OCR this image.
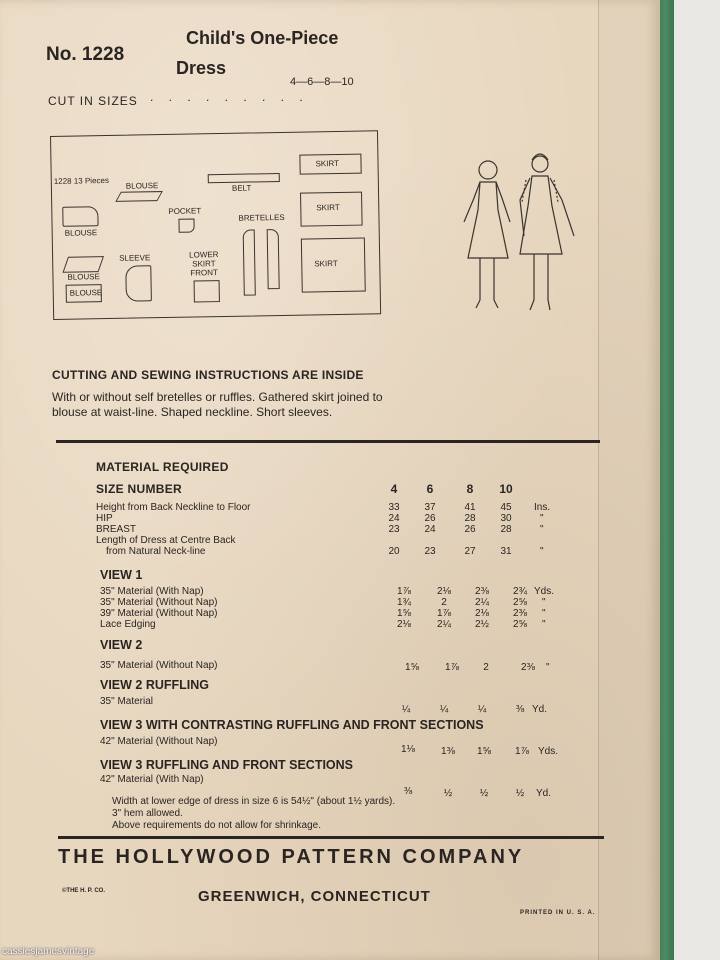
No. 1228
Child's One-Piece
Dress
CUT IN SIZES . . . . . . . . .
4—6—8—10
1228 13 Pieces BLOUSE	BELT
SKIRT
BLOUSE
POCKET
BRETELLES
SKIRT
SLEEVE	LOWER
SKIRT
FRONT
SKIRT
BLOUSE
BLOUSE
CUTTING AND SEWING INSTRUCTIONS ARE INSIDE
With or without self bretelles or ruffles. Gathered skirt joined to blouse at waist-line. Shaped neckline. Short sleeves.
MATERIAL REQUIRED
SIZE NUMBER	4	6	8	10
Height from Back Neckline to Floor	33	37	41	45	Ins.
HIP	24	26	28	30	"
BREAST	23	24	26	28	"
Length of Dress at Centre Back
from Natural Neck-line	20	23	27	31	"
VIEW 1
35" Material (With Nap)	1⅞	2⅛	2⅜	2¾ Yds.
35" Material (Without Nap)	1¾	2	2¼	2⅝	"
39" Material (Without Nap)	1⅝	1⅞	2⅛	2⅜	"
Lace Edging	2⅛	2¼	2½	2⅝	"
VIEW 2
35" Material (Without Nap)	1⅝	1⅞	2	2⅜	"
VIEW 2 RUFFLING
35" Material
¼	¼	¼	⅜ Yd.
VIEW 3 WITH CONTRASTING RUFFLING AND FRONT SECTIONS
42" Material (Without Nap)
1⅛	1⅜	1⅝	1⅞ Yds.
VIEW 3 RUFFLING AND FRONT SECTIONS
42" Material (With Nap)
⅜	½	½	½	Yd.
Width at lower edge of dress in size 6 is 54½" (about 1½ yards).
3" hem allowed.
Above requirements do not allow for shrinkage.
THE HOLLYWOOD PATTERN COMPANY
©THE H. P. CO.	GREENWICH, CONNECTICUT
PRINTED IN U. S. A.
cassiesjamesvintage
